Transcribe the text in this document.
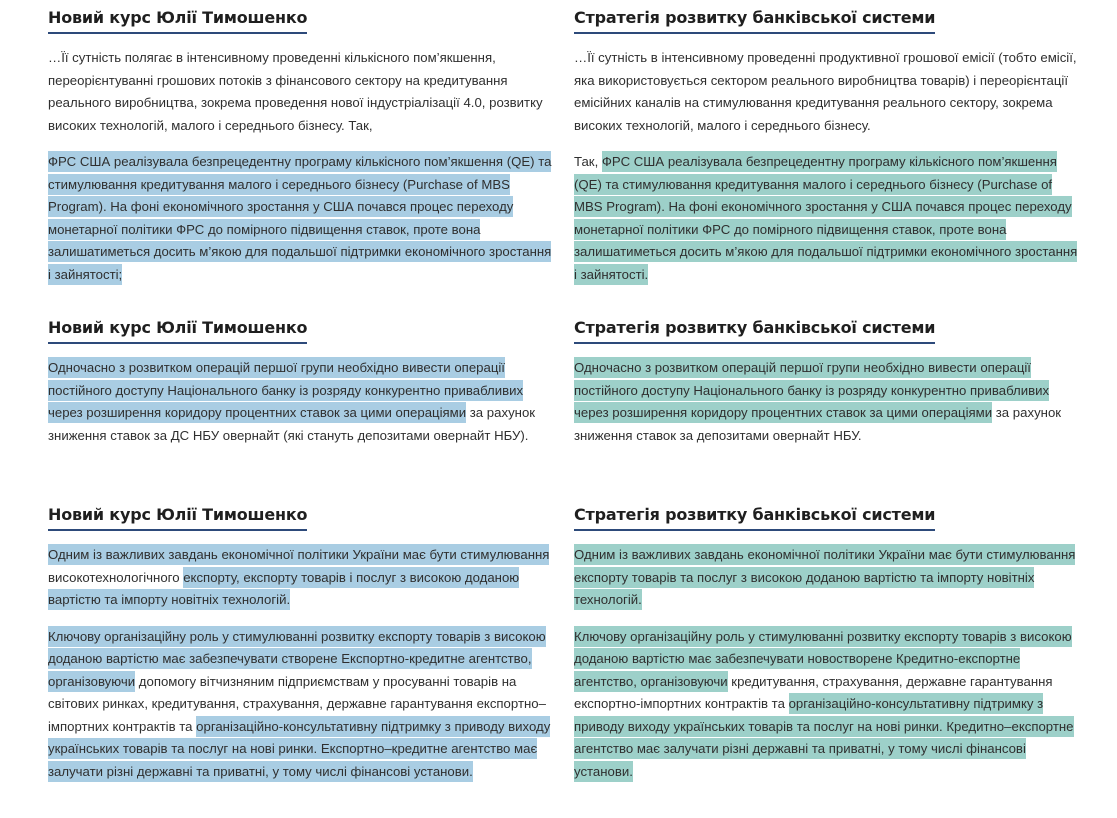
Новий курс Юлії Тимошенко

…Її сутність полягає в інтенсивному проведенні кількісного пом’якшення, переорієнтуванні грошових потоків з фінансового сектору на кредитування реального виробництва, зокрема проведення нової індустріалізації 4.0, розвитку високих технологій, малого і середнього бізнесу. Так,

ФРС США реалізувала безпрецедентну програму кількісного пом’якшення (QE) та стимулювання кредитування малого і середнього бізнесу (Purchase of MBS Program). На фоні економічного зростання у США почався процес переходу монетарної політики ФРС до помірного підвищення ставок, проте вона залишатиметься досить м’якою для подальшої підтримки економічного зростання і зайнятості;

Новий курс Юлії Тимошенко

Одночасно з розвитком операцій першої групи необхідно вивести операції постійного доступу Національного банку із розряду конкурентно привабливих через розширення коридору процентних ставок за цими операціями за рахунок зниження ставок за ДС НБУ овернайт (які стануть депозитами овернайт НБУ).

Новий курс Юлії Тимошенко

Одним із важливих завдань економічної політики України має бути стимулювання високотехнологічного експорту, експорту товарів і послуг з високою доданою вартістю та імпорту новітніх технологій.

Ключову організаційну роль у стимулюванні розвитку експорту товарів з високою доданою вартістю має забезпечувати створене Експортно-кредитне агентство, організовуючи допомогу вітчизняним підприємствам у просуванні товарів на світових ринках, кредитування, страхування, державне гарантування експортно–імпортних контрактів та організаційно-консультативну підтримку з приводу виходу українських товарів та послуг на нові ринки. Експортно–кредитне агентство має залучати різні державні та приватні, у тому числі фінансові установи.

Стратегія розвитку банківської системи

…Її сутність в інтенсивному проведенні продуктивної грошової емісії (тобто емісії, яка використовується сектором реального виробництва товарів) і переорієнтації емісійних каналів на стимулювання кредитування реального сектору, зокрема високих технологій, малого і середнього бізнесу.

Так, ФРС США реалізувала безпрецедентну програму кількісного пом’якшення (QE) та стимулювання кредитування малого і середнього бізнесу (Purchase of MBS Program). На фоні економічного зростання у США почався процес переходу монетарної політики ФРС до помірного підвищення ставок, проте вона залишатиметься досить м’якою для подальшої підтримки економічного зростання і зайнятості.

Стратегія розвитку банківської системи

Одночасно з розвитком операцій першої групи необхідно вивести операції постійного доступу Національного банку із розряду конкурентно привабливих через розширення коридору процентних ставок за цими операціями за рахунок зниження ставок за депозитами овернайт НБУ.

Стратегія розвитку банківської системи

Одним із важливих завдань економічної політики України має бути стимулювання експорту товарів та послуг з високою доданою вартістю та імпорту новітніх технологій.

Ключову організаційну роль у стимулюванні розвитку експорту товарів з високою доданою вартістю має забезпечувати новостворене Кредитно-експортне агентство, організовуючи кредитування, страхування, державне гарантування експортно-імпортних контрактів та організаційно-консультативну підтримку з приводу виходу українських товарів та послуг на нові ринки. Кредитно–експортне агентство має залучати різні державні та приватні, у тому числі фінансові установи.
